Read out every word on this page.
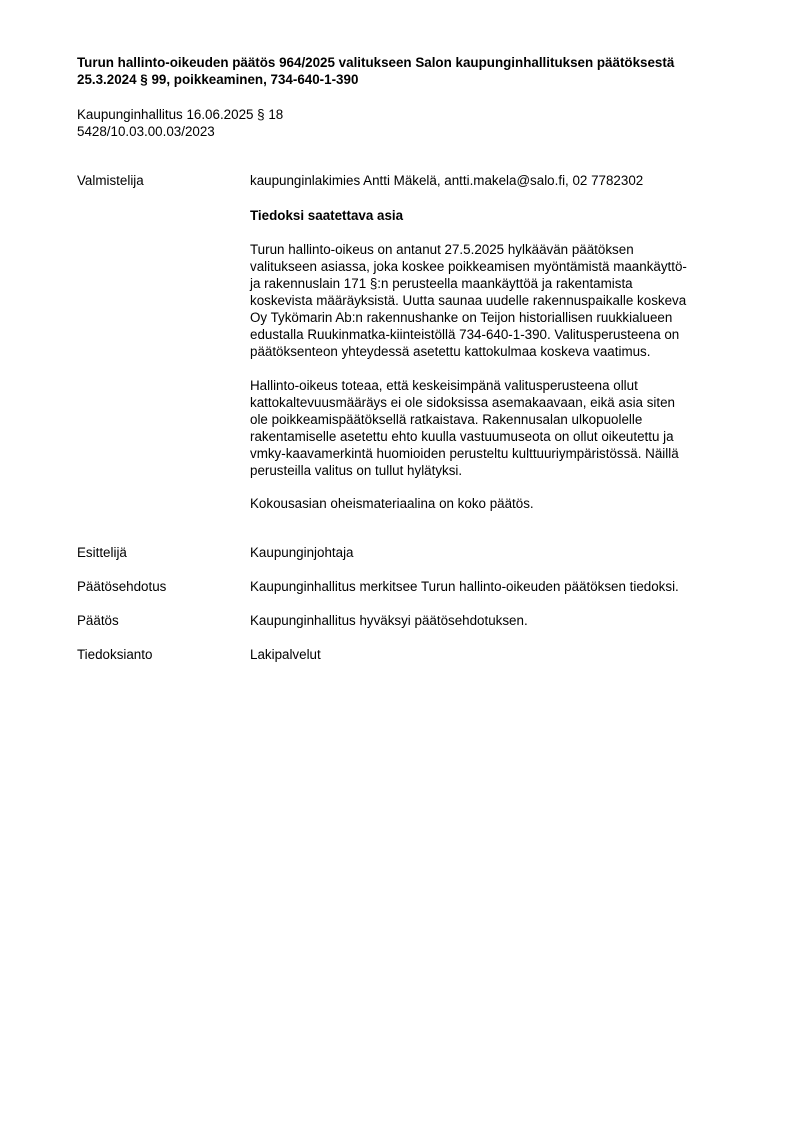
Turun hallinto-oikeuden päätös 964/2025 valitukseen Salon kaupunginhallituksen päätöksestä
25.3.2024 § 99, poikkeaminen, 734-640-1-390
Kaupunginhallitus 16.06.2025 § 18
5428/10.03.00.03/2023
Valmistelija	kaupunginlakimies Antti Mäkelä, antti.makela@salo.fi, 02 7782302
Tiedoksi saatettava asia
Turun hallinto-oikeus on antanut 27.5.2025 hylkäävän päätöksen
valitukseen asiassa, joka koskee poikkeamisen myöntämistä maankäyttö-
ja rakennuslain 171 §:n perusteella maankäyttöä ja rakentamista
koskevista määräyksistä. Uutta saunaa uudelle rakennuspaikalle koskeva
Oy Tykömarin Ab:n rakennushanke on Teijon historiallisen ruukkialueen
edustalla Ruukinmatka-kiinteistöllä 734-640-1-390. Valitusperusteena on
päätöksenteon yhteydessä asetettu kattokulmaa koskeva vaatimus.
Hallinto-oikeus toteaa, että keskeisimpänä valitusperusteena ollut
kattokaltevuusmääräys ei ole sidoksissa asemakaavaan, eikä asia siten
ole poikkeamispäätöksellä ratkaistava. Rakennusalan ulkopuolelle
rakentamiselle asetettu ehto kuulla vastuumuseota on ollut oikeutettu ja
vmky-kaavamerkintä huomioiden perusteltu kulttuuriympäristössä. Näillä
perusteilla valitus on tullut hylätyksi.
Kokousasian oheismateriaalina on koko päätös.
Esittelijä	Kaupunginjohtaja
Päätösehdotus	Kaupunginhallitus merkitsee Turun hallinto-oikeuden päätöksen tiedoksi.
Päätös	Kaupunginhallitus hyväksyi päätösehdotuksen.
Tiedoksianto	Lakipalvelut
